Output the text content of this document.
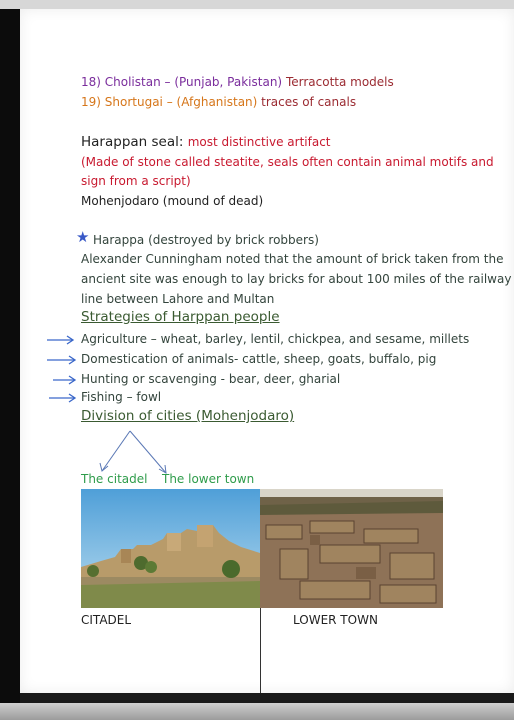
18) Cholistan – (Punjab, Pakistan) Terracotta models
19) Shortugai – (Afghanistan) traces of canals
Harappan seal: most distinctive artifact
(Made of stone called steatite, seals often contain animal motifs and
sign from a script)
Mohenjodaro (mound of dead)
★ Harappa (destroyed by brick robbers)
Alexander Cunningham noted that the amount of brick taken from the
ancient site was enough to lay bricks for about 100 miles of the railway
line between Lahore and Multan
Strategies of Harppan people
Agriculture – wheat, barley, lentil, chickpea, and sesame, millets
Domestication of animals- cattle, sheep, goats, buffalo, pig
Hunting or scavenging - bear, deer, gharial
Fishing – fowl
Division of cities (Mohenjodaro)
The citadel The lower town
CITADEL	LOWER TOWN
